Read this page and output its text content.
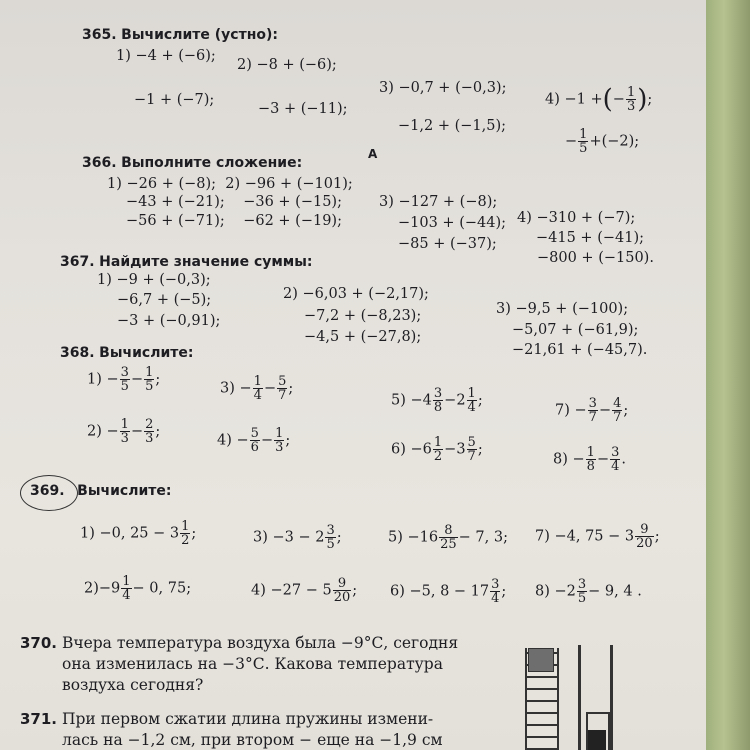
365. Вычислите (устно):
1) −4 + (−6);
−1 + (−7);
2) −8 + (−6);
−3 + (−11);
3) −0,7 + (−0,3);
−1,2 + (−1,5);
4) −1 +(− $\frac{1}{3}$ );
− $\frac{1}{5} +(-2)$;
А
366. Выполните сложение:
1) −26 + (−8);  2) −96 + (−101);
3) −127 + (−8);
4) −310 + (−7);
−43 + (−21);    −36 + (−15);
−103 + (−44);
−415 + (−41);
−56 + (−71);    −62 + (−19);
−85 + (−37);
−800 + (−150).
367. Найдите значение суммы:
1) −9 + (−0,3);
−6,7 + (−5);
−3 + (−0,91);
2) −6,03 + (−2,17);
−7,2 + (−8,23);
−4,5 + (−27,8);
3) −9,5 + (−100);
−5,07 + (−61,9);
−21,61 + (−45,7).
368. Вычислите:
$1) - \frac{3}{5} - \frac{1}{5}$ ;
$2) - \frac{1}{3} - \frac{2}{3}$ ;
$3) - \frac{1}{4} - \frac{5}{7}$ ;
$4) - \frac{5}{6} - \frac{1}{3}$ ;
$5) -4 \frac{3}{8} -2 \frac{1}{4}$ ;
$6) -6 \frac{1}{2} -3 \frac{5}{7}$ ;
$7) - \frac{3}{7} - \frac{4}{7}$ ;
$8) - \frac{1}{8} - \frac{3}{4}$ .
369. Вычислите:
1) −0, $25 - 3 \frac{1}{2}$ ;
$2)-9 \frac{1}{4} - 0$, 75;
$3) -3 - 2 \frac{3}{5}$ ;
$4) -27 - 5 \frac{9}{20}$ ;
$5) -16 \frac{8}{25} - 7$, 3;
6) −5, $8 - 17 \frac{3}{4}$ ;
7) −4, $75 - 3 \frac{9}{20}$ ;
$8) -2 \frac{3}{5} - 9$, 4 .
370. Вчера температура воздуха была −9°С, сегодня
она изменилась на −3°С. Какова температура
воздуха сегодня?
371. При первом сжатии длина пружины измени-
лась на −1,2 см, при втором − еще на −1,9 см
